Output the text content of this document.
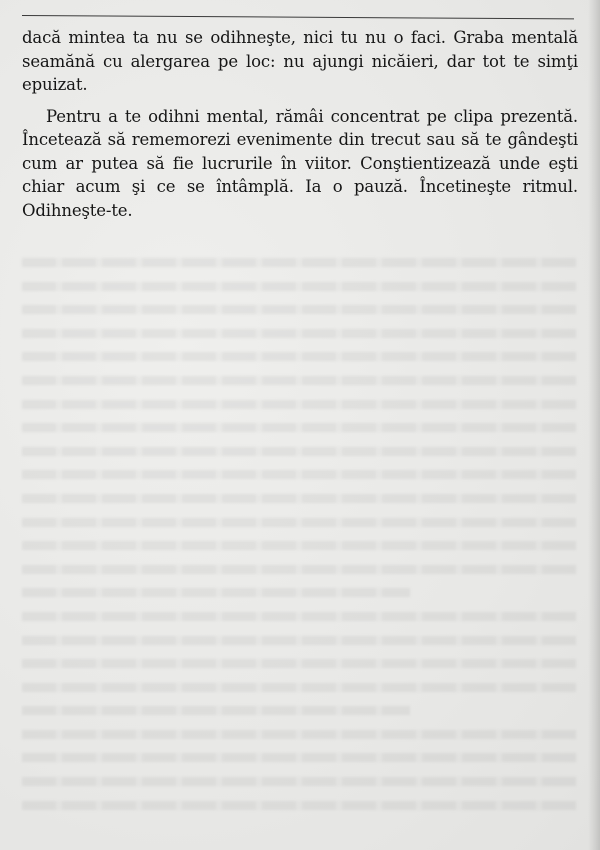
dacă mintea ta nu se odihneşte, nici tu nu o faci. Graba mentală seamănă cu alergarea pe loc: nu ajungi nicăieri, dar tot te simţi epuizat.

Pentru a te odihni mental, rămâi concentrat pe clipa prezentă. Încetează să rememorezi evenimente din trecut sau să te gândeşti cum ar putea să fie lucrurile în viitor. Conştientizează unde eşti chiar acum şi ce se întâmplă. Ia o pauză. Încetineşte ritmul. Odihneşte-te.
